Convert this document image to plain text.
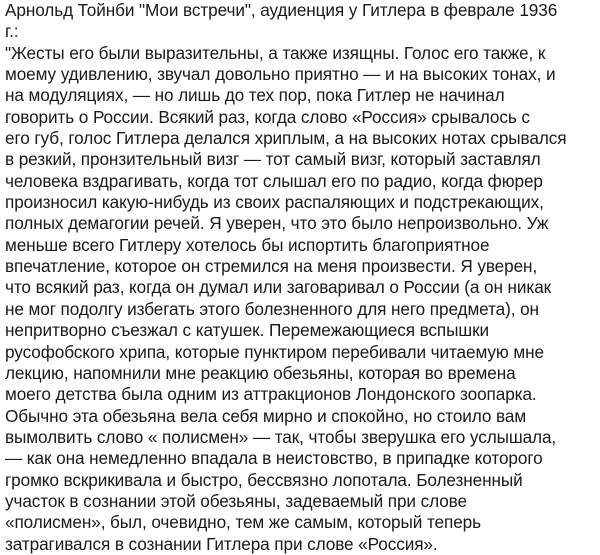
Арнольд Тойнби "Мои встречи", аудиенция у Гитлера в феврале 1936
г.:
"Жесты его были выразительны, а также изящны. Голос его также, к
моему удивлению, звучал довольно приятно — и на высоких тонах, и
на модуляциях, — но лишь до тех пор, пока Гитлер не начинал
говорить о России. Всякий раз, когда слово «Россия» срывалось с
его губ, голос Гитлера делался хриплым, а на высоких нотах срывался
в резкий, пронзительный визг — тот самый визг, который заставлял
человека вздрагивать, когда тот слышал его по радио, когда фюрер
произносил какую-нибудь из своих распаляющих и подстрекающих,
полных демагогии речей. Я уверен, что это было непроизвольно. Уж
меньше всего Гитлеру хотелось бы испортить благоприятное
впечатление, которое он стремился на меня произвести. Я уверен,
что всякий раз, когда он думал или заговаривал о России (а он никак
не мог подолгу избегать этого болезненного для него предмета), он
непритворно съезжал с катушек. Перемежающиеся вспышки
русофобского хрипа, которые пунктиром перебивали читаемую мне
лекцию, напомнили мне реакцию обезьяны, которая во времена
моего детства была одним из аттракционов Лондонского зоопарка.
Обычно эта обезьяна вела себя мирно и спокойно, но стоило вам
вымолвить слово « полисмен» — так, чтобы зверушка его услышала,
— как она немедленно впадала в неистовство, в припадке которого
громко вскрикивала и быстро, бессвязно лопотала. Болезненный
участок в сознании этой обезьяны, задеваемый при слове
«полисмен», был, очевидно, тем же самым, который теперь
затрагивался в сознании Гитлера при слове «Россия».
